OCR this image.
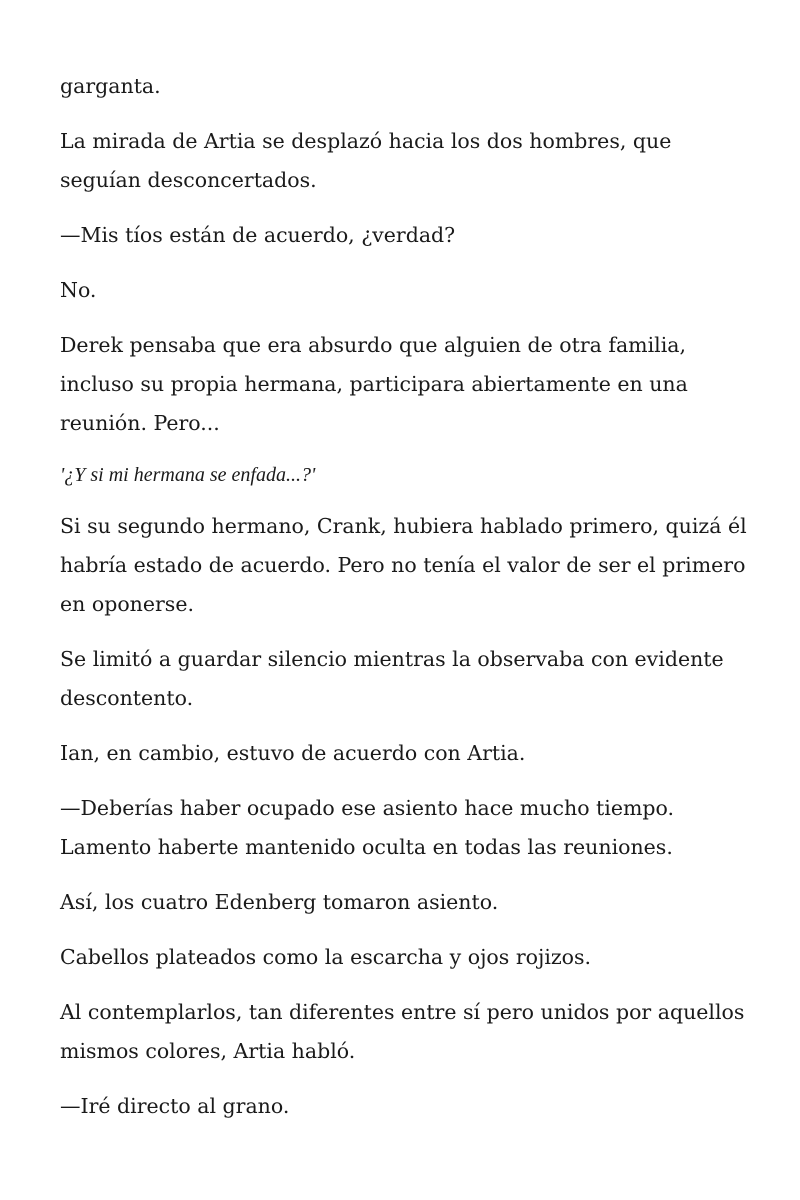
garganta.

La mirada de Artia se desplazó hacia los dos hombres, que seguían desconcertados.

—Mis tíos están de acuerdo, ¿verdad?

No.

Derek pensaba que era absurdo que alguien de otra familia, incluso su propia hermana, participara abiertamente en una reunión. Pero...

'¿Y si mi hermana se enfada...?'

Si su segundo hermano, Crank, hubiera hablado primero, quizá él habría estado de acuerdo. Pero no tenía el valor de ser el primero en oponerse.

Se limitó a guardar silencio mientras la observaba con evidente descontento.

Ian, en cambio, estuvo de acuerdo con Artia.

—Deberías haber ocupado ese asiento hace mucho tiempo. Lamento haberte mantenido oculta en todas las reuniones.

Así, los cuatro Edenberg tomaron asiento.

Cabellos plateados como la escarcha y ojos rojizos.

Al contemplarlos, tan diferentes entre sí pero unidos por aquellos mismos colores, Artia habló.

—Iré directo al grano.
